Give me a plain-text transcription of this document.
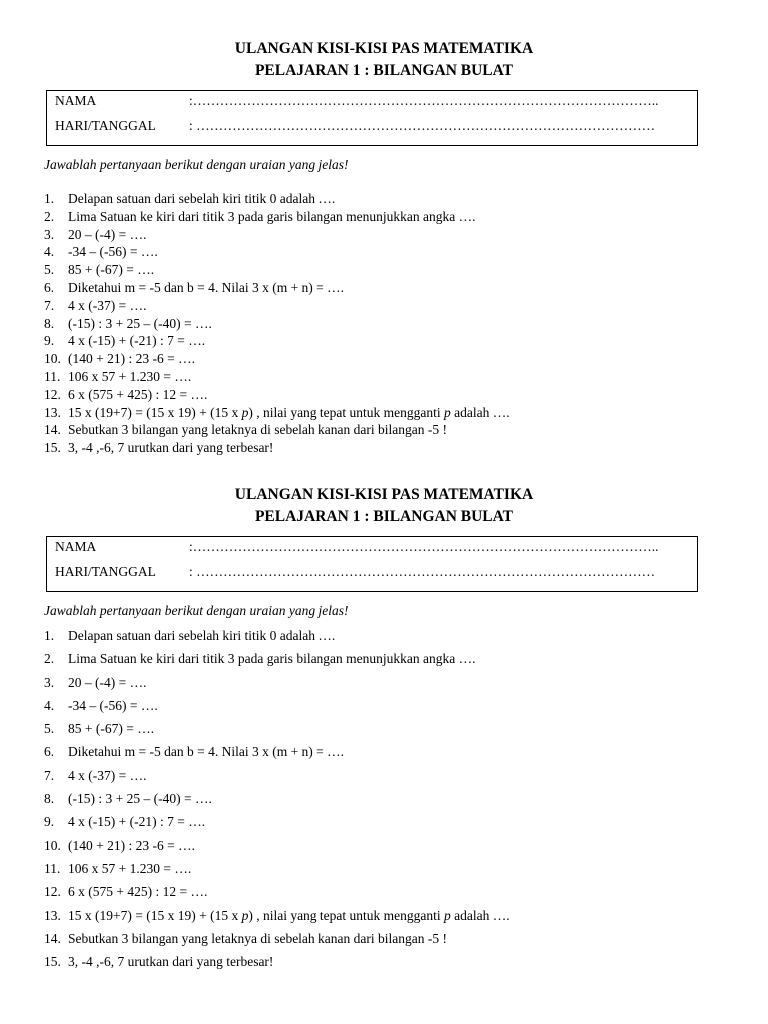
ULANGAN KISI-KISI PAS MATEMATIKA

PELAJARAN 1 : BILANGAN BULAT

NAMA	:…………………………………………………………………………………………..
HARI/TANGGAL : …………………………………………………………………………………………

Jawablah pertanyaan berikut dengan uraian yang jelas!

1. Delapan satuan dari sebelah kiri titik 0 adalah ….
2. Lima Satuan ke kiri dari titik 3 pada garis bilangan menunjukkan angka ….
3. 20 – (-4) = ….
4. -34 – (-56) = ….
5. 85 + (-67) = ….
6. Diketahui m = -5 dan b = 4. Nilai 3 x (m + n) = ….
7. 4 x (-37) = ….
8. (-15) : 3 + 25 – (-40) = ….
9. 4 x (-15) + (-21) : 7 = ….
10. (140 + 21) : 23 -6 = ….
11. 106 x 57 + 1.230 = ….
12. 6 x (575 + 425) : 12 = ….
13. 15 x (19+7) = (15 x 19) + (15 x p) , nilai yang tepat untuk mengganti p adalah ….
14. Sebutkan 3 bilangan yang letaknya di sebelah kanan dari bilangan -5 !
15. 3, -4 ,-6, 7 urutkan dari yang terbesar!

ULANGAN KISI-KISI PAS MATEMATIKA

PELAJARAN 1 : BILANGAN BULAT

NAMA	:…………………………………………………………………………………………..
HARI/TANGGAL : …………………………………………………………………………………………

Jawablah pertanyaan berikut dengan uraian yang jelas!

1. Delapan satuan dari sebelah kiri titik 0 adalah ….
2. Lima Satuan ke kiri dari titik 3 pada garis bilangan menunjukkan angka ….
3. 20 – (-4) = ….
4. -34 – (-56) = ….
5. 85 + (-67) = ….
6. Diketahui m = -5 dan b = 4. Nilai 3 x (m + n) = ….
7. 4 x (-37) = ….
8. (-15) : 3 + 25 – (-40) = ….
9. 4 x (-15) + (-21) : 7 = ….
10. (140 + 21) : 23 -6 = ….
11. 106 x 57 + 1.230 = ….
12. 6 x (575 + 425) : 12 = ….
13. 15 x (19+7) = (15 x 19) + (15 x p) , nilai yang tepat untuk mengganti p adalah ….
14. Sebutkan 3 bilangan yang letaknya di sebelah kanan dari bilangan -5 !
15. 3, -4 ,-6, 7 urutkan dari yang terbesar!
